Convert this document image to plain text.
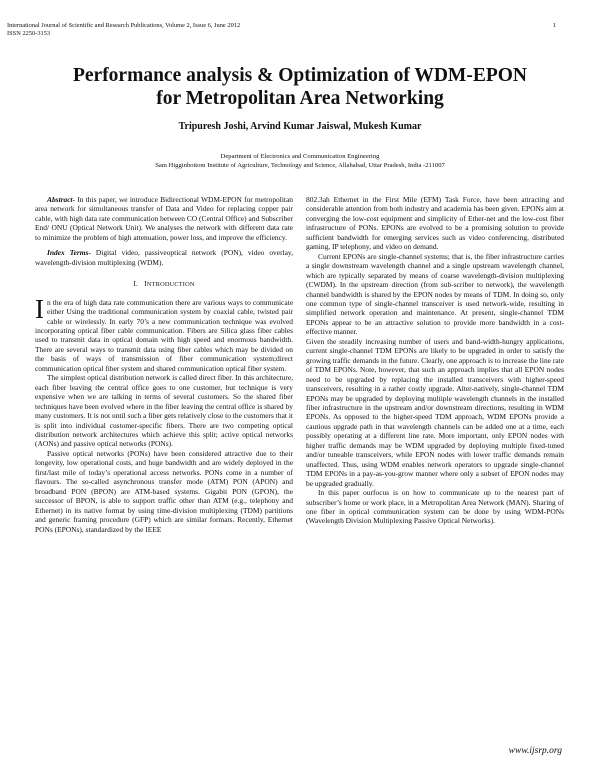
International Journal of Scientific and Research Publications, Volume 2, Issue 6, June 2012
ISSN 2250-3153
1
Performance analysis & Optimization of WDM-EPON
for Metropolitan Area Networking
Tripuresh Joshi, Arvind Kumar Jaiswal, Mukesh Kumar
Department of Electronics and Communication Engineering
Sam Higginbottom Institute of Agriculture, Technology and Science, Allahabad, Uttar Pradesh, India -211007

Abstract- In this paper, we introduce Bidirectional WDM-EPON for metropolitan area network for simultaneous transfer of Data and Video for replacing copper pair cable, with high data rate communication between CO (Central Office) and Subscriber End/ ONU (Optical Network Unit). We analyses the network with different data rate to minimize the problem of high attenuation, power loss, and improve the efficiency.

Index Terms- Digital video, passiveoptical network (PON), video overlay, wavelength-division multiplexing (WDM).

I. INTRODUCTION

In the era of high data rate communication there are various ways to communicate either Using the traditional communication system by coaxial cable, twisted pair cable or wirelessly. In early 70’s a new communication technique was evolved incorporating optical fiber cable communication. Fibers are Silica glass fiber cables used to transmit data in optical domain with high speed and enormous bandwidth. There are several ways to transmit data using fiber cables which may be divided on the basis of ways of transmission of fiber communication system;direct communication optical fiber system and shared communication optical fiber system.

The simplest optical distribution network is called direct fiber. In this architecture, each fiber leaving the central office goes to one customer, but technique is very expensive when we are talking in terms of several customers. So the shared fiber techniques have been evolved where in the fiber leaving the central office is shared by many customers. It is not until such a fiber gets relatively close to the customers that it is split into individual customer-specific fibers. There are two competing optical distribution network architectures which achieve this split; active optical networks (AONs) and passive optical networks (PONs).

Passive optical networks (PONs) have been considered attractive due to their longevity, low operational costs, and huge bandwidth and are widely deployed in the first/last mile of today’s operational access networks. PONs come in a number of flavours. The so-called asynchronous transfer mode (ATM) PON (APON) and broadband PON (BPON) are ATM-based systems. Gigabit PON (GPON), the successor of BPON, is able to support traffic other than ATM (e.g., telephony and Ethernet) in its native format by using time-division multiplexing (TDM) partitions and generic framing procedure (GFP) which are similar formats. Recently, Ethernet PONs (EPONs), standardized by the IEEE

802.3ah Ethernet in the First Mile (EFM) Task Force, have been attracting and considerable attention from both industry and academia has been given. EPONs aim at converging the low-cost equipment and simplicity of Ether-net and the low-cost fiber infrastructure of PONs. EPONs are evolved to be a promising solution to provide sufficient bandwidth for emerging services such as video conferencing, distributed gaming, IP telephony, and video on demand.

Current EPONs are single-channel systems; that is, the fiber infrastructure carries a single downstream wavelength channel and a single upstream wavelength channel, which are typically separated by means of coarse wavelength-division multiplexing (CWDM). In the upstream direction (from sub-scriber to network), the wavelength channel bandwidth is shared by the EPON nodes by means of TDM. In doing so, only one common type of single-channel transceiver is used network-wide, resulting in simplified network operation and maintenance. At present, single-channel TDM EPONs appear to be an attractive solution to provide more bandwidth in a cost-effective manner.

Given the steadily increasing number of users and band-width-hungry applications, current single-channel TDM EPONs are likely to be upgraded in order to satisfy the growing traffic demands in the future. Clearly, one approach is to increase the line rate of TDM EPONs. Note, however, that such an approach implies that all EPON nodes need to be upgraded by replacing the installed transceivers with higher-speed transceivers, resulting in a rather costly upgrade. Alter-natively, single-channel TDM EPONs may be upgraded by deploying multiple wavelength channels in the installed fiber infrastructure in the upstream and/or downstream directions, resulting in WDM EPONs. As opposed to the higher-speed TDM approach, WDM EPONs provide a cautious upgrade path in that wavelength channels can be added one at a time, each possibly operating at a different line rate. More important, only EPON nodes with higher traffic demands may be WDM upgraded by deploying multiple fixed-tuned and/or tuneable transceivers, while EPON nodes with lower traffic demands remain unaffected. Thus, using WDM enables network operators to upgrade single-channel TDM EPONs in a pay-as-you-grow manner where only a subset of EPON nodes may be upgraded gradually.

In this paper ourfocus is on how to communicate up to the nearest part of subscriber’s home or work place, in a Metropolitan Area Network (MAN). Sharing of one fiber in optical communication system can be done by using WDM-PONs (Wavelength Division Multiplexing Passive Optical Networks).

www.ijsrp.org
